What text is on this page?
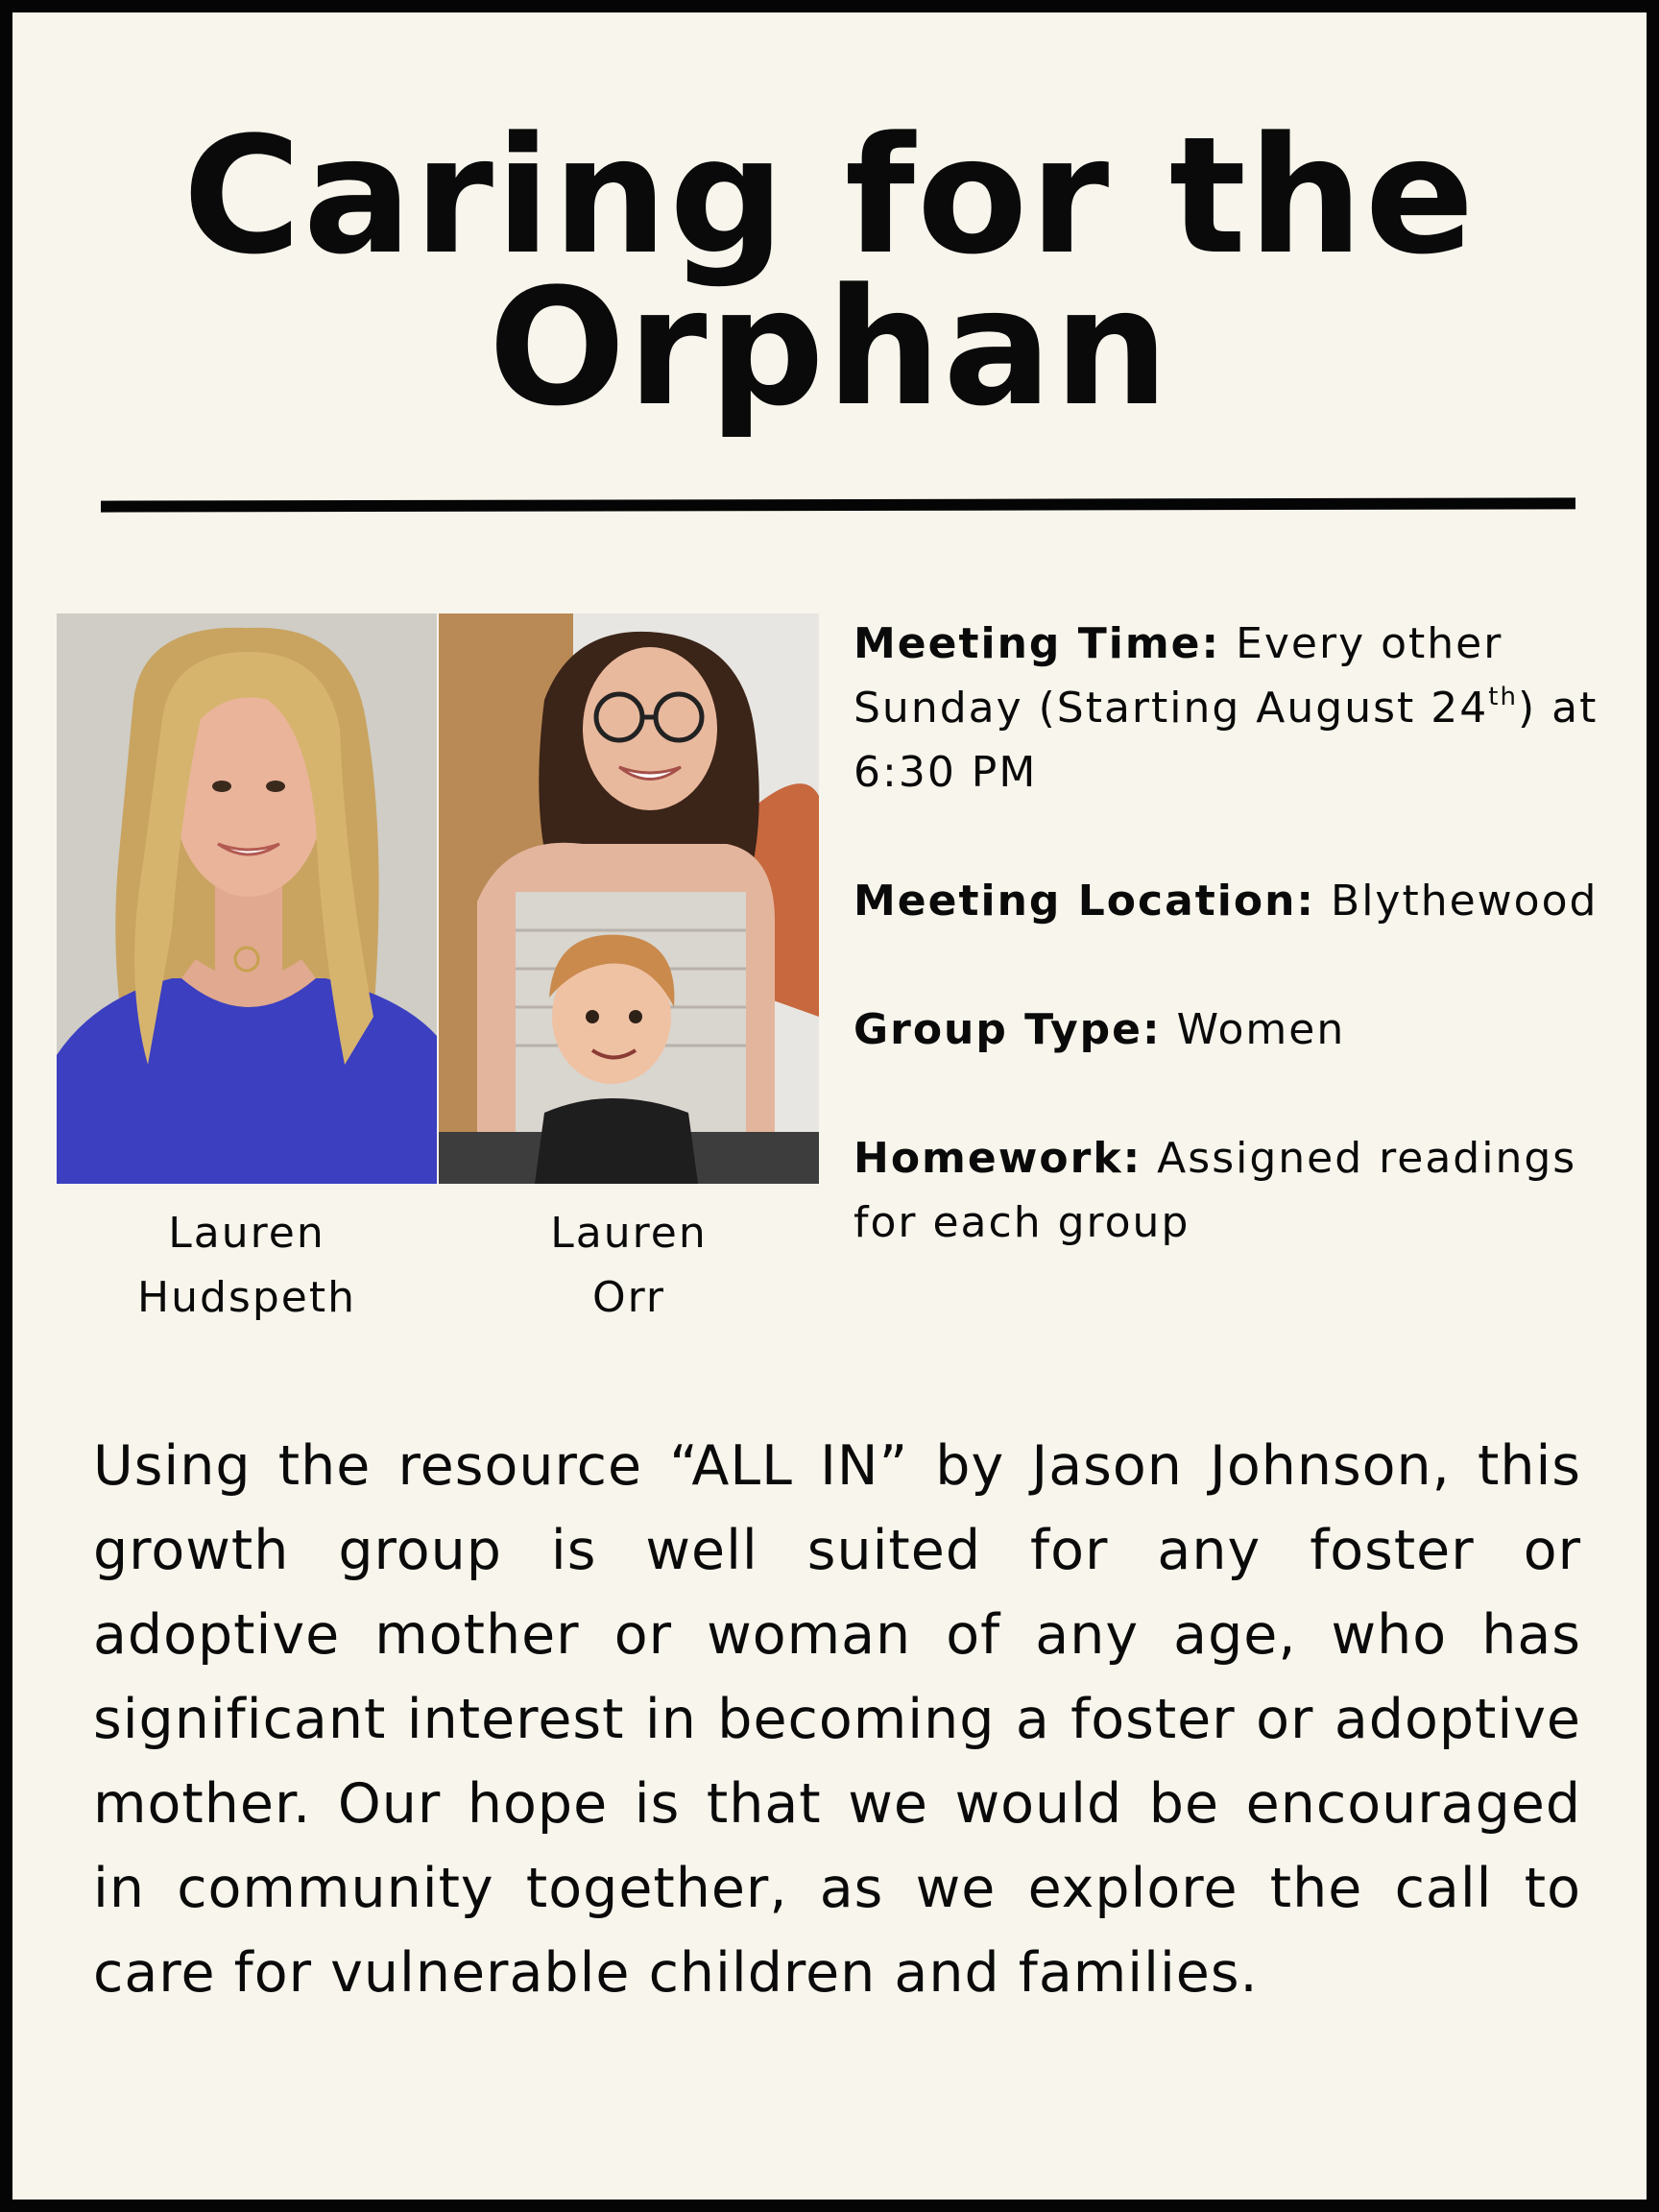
Caring for the Orphan
Lauren
Hudspeth
Lauren
Orr

Meeting Time: Every other Sunday (Starting August 24th) at 6:30 PM

Meeting Location: Blythewood

Group Type: Women

Homework: Assigned readings for each group

Using the resource “ALL IN” by Jason Johnson, this growth group is well suited for any foster or adoptive mother or woman of any age, who has significant interest in becoming a foster or adoptive mother. Our hope is that we would be encouraged in community together, as we explore the call to care for vulnerable children and families.
